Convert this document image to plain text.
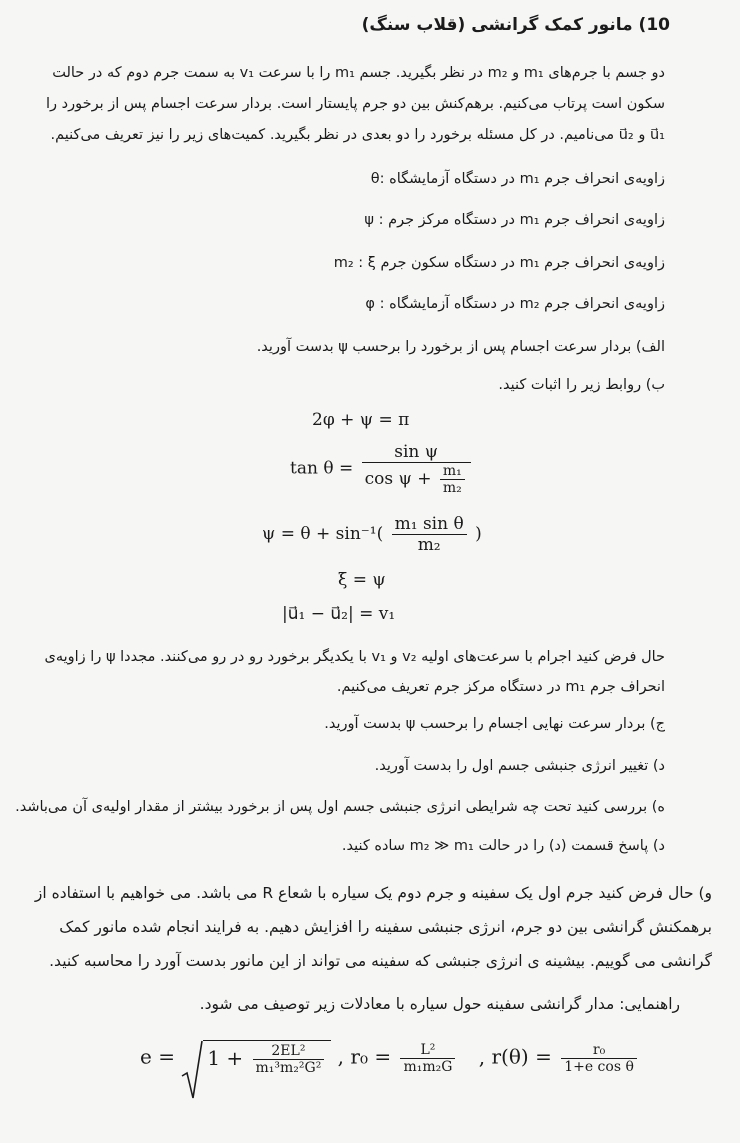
10) مانور کمک گرانشی (قلاب سنگ)
دو جسم با جرم‌های m₁ و m₂ در نظر بگیرید. جسم m₁ را با سرعت v₁ به سمت جرم دوم که در حالت
سکون است پرتاب می‌کنیم. برهم‌کنش بین دو جرم پایستار است. بردار سرعت اجسام پس از برخورد را
u⃗₁ و u⃗₂ می‌نامیم. در کل مسئله برخورد را دو بعدی در نظر بگیرید. کمیت‌های زیر را نیز تعریف می‌کنیم.
زاویه‌ی انحراف جرم m₁ در دستگاه آزمایشگاه :θ
زاویه‌ی انحراف جرم m₁ در دستگاه مرکز جرم : ψ
زاویه‌ی انحراف جرم m₁ در دستگاه سکون جرم m₂ : ξ
زاویه‌ی انحراف جرم m₂ در دستگاه آزمایشگاه : φ
الف) بردار سرعت اجسام پس از برخورد را برحسب ψ بدست آورید.
ب) روابط زیر را اثبات کنید.
2φ + ψ = π
$\tan \theta = \frac{\text{sin ψ}}{\cos \psi + \frac{\text{m₁}}{\text{m₂}}}$
$\psi = \theta + \sin^{-1}( \frac{\text{m₁ sin θ}}{\text{m₂}}$ )
ξ = ψ
|u⃗₁ − u⃗₂| = v₁
حال فرض کنید اجرام با سرعت‌های اولیه v₂ و v₁ با یکدیگر برخورد رو در رو می‌کنند. مجددا ψ را زاویه‌ی
انحراف جرم m₁ در دستگاه مرکز جرم تعریف می‌کنیم.
ج) بردار سرعت نهایی اجسام را برحسب ψ بدست آورید.
د) تغییر انرژی جنبشی جسم اول را بدست آورید.
ه) بررسی کنید تحت چه شرایطی انرژی جنبشی جسم اول پس از برخورد بیشتر از مقدار اولیه‌ی آن می‌باشد.
د) پاسخ قسمت (د) را در حالت m₂ ≫ m₁ ساده کنید.
و) حال فرض کنید جرم اول یک سفینه و جرم دوم یک سیاره با شعاع R می باشد. می خواهیم با استفاده از
برهمکنش گرانشی بین دو جرم، انرژی جنبشی سفینه را افزایش دهیم. به فرایند انجام شده مانور کمک
گرانشی می گوییم. بیشینه ی انرژی جنبشی که سفینه می تواند از این مانور بدست آورد را محاسبه کنید.
راهنمایی: مدار گرانشی سفینه حول سیاره با معادلات زیر توصیف می شود.
$e = 1 + \frac{\text{2EL²}}{\text{m₁³m₂²G²}}$ , $r_0 = \frac{\text{L²}}{\text{m₁m₂G}}$ , $r(\theta) = \frac{\text{r₀}}{\text{1+e cos θ}}$
